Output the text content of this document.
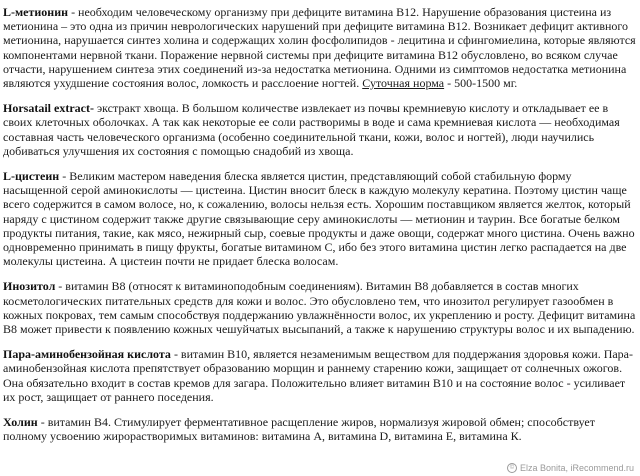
L-метионин - необходим человеческому организму при дефиците витамина B12. Нарушение образования цистеина из метионина – это одна из причин неврологических нарушений при дефиците витамина B12. Возникает дефицит активного метионина, нарушается синтез холина и содержащих холин фосфолипидов - лецитина и сфингомиелина, которые являются компонентами нервной ткани. Поражение нервной системы при дефиците витамина B12 обусловлено, во всяком случае отчасти, нарушением синтеза этих соединений из-за недостатка метионина. Одними из симптомов недостатка метионина являются ухудшение состояния волос, ломкость и расслоение ногтей. Суточная норма - 500-1500 мг.

Horsatail extract- экстракт хвоща. В большом количестве извлекает из почвы кремниевую кислоту и откладывает ее в своих клеточных оболочках. А так как некоторые ее соли растворимы в воде и сама кремниевая кислота — необходимая составная часть человеческого организма (особенно соединительной ткани, кожи, волос и ногтей), люди научились добиваться улучшения их состояния с помощью снадобий из хвоща.

L-цистеин - Великим мастером наведения блеска является цистин, представляющий собой стабильную форму насыщенной серой аминокислоты — цистеина. Цистин вносит блеск в каждую молекулу кератина. Поэтому цистин чаще всего содержится в самом волосе, но, к сожалению, волосы нельзя есть. Хорошим поставщиком является желток, который наряду с цистином содержит также другие связывающие серу аминокислоты — метионин и таурин. Все богатые белком продукты питания, такие, как мясо, нежирный сыр, соевые продукты и даже овощи, содержат много цистина. Очень важно одновременно принимать в пищу фрукты, богатые витамином С, ибо без этого витамина цистин легко распадается на две молекулы цистеина. А цистеин почти не придает блеска волосам.

Инозитол - витамин B8 (относят к витаминоподобным соединениям). Витамин B8 добавляется в состав многих косметологических питательных средств для кожи и волос. Это обусловлено тем, что инозитол регулирует газообмен в кожных покровах, тем самым способствуя поддержанию увлажнённости волос, их укреплению и росту. Дефицит витамина B8 может привести к появлению кожных чешуйчатых высыпаний, а также к нарушению структуры волос и их выпадению.

Пара-аминобензойная кислота - витамин B10, является незаменимым веществом для поддержания здоровья кожи. Пара-аминобензойная кислота препятствует образованию морщин и раннему старению кожи, защищает от солнечных ожогов. Она обязательно входит в состав кремов для загара. Положительно влияет витамин B10 и на состояние волос - усиливает их рост, защищает от раннего поседения.

Холин - витамин B4. Стимулирует ферментативное расщепление жиров, нормализуя жировой обмен; способствует полному усвоению жирорастворимых витаминов: витамина А, витамина D, витамина Е, витамина К.

© Elza Bonita, iRecommend.ru
